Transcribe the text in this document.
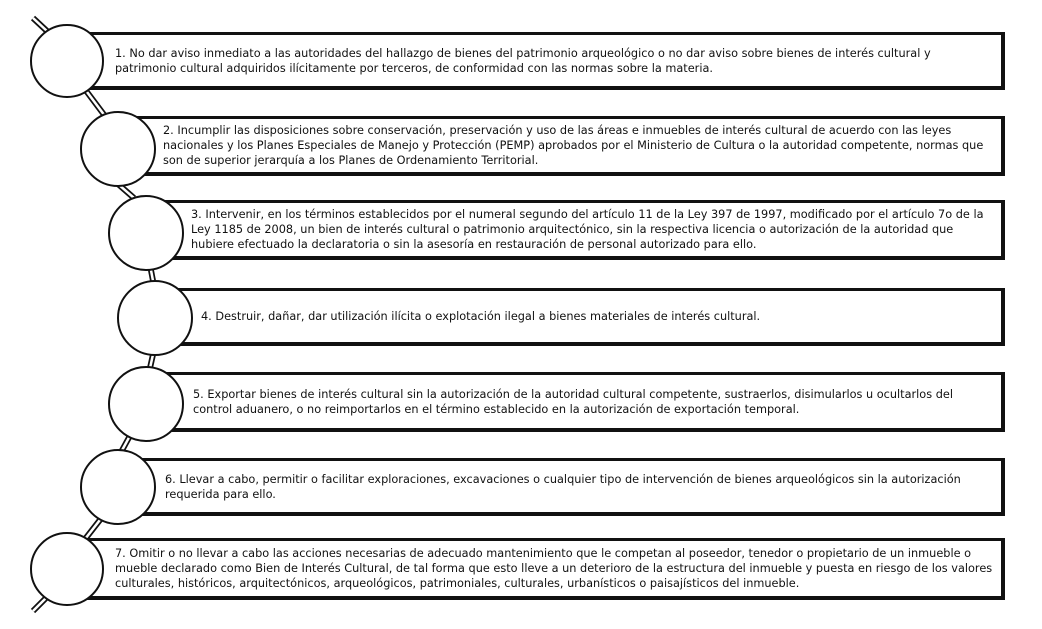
1. No dar aviso inmediato a las autoridades del hallazgo de bienes del patrimonio arqueológico o no dar aviso sobre bienes de interés cultural y patrimonio cultural adquiridos ilícitamente por terceros, de conformidad con las normas sobre la materia.
2. Incumplir las disposiciones sobre conservación, preservación y uso de las áreas e inmuebles de interés cultural de acuerdo con las leyes nacionales y los Planes Especiales de Manejo y Protección (PEMP) aprobados por el Ministerio de Cultura o la autoridad competente, normas que son de superior jerarquía a los Planes de Ordenamiento Territorial.
3. Intervenir, en los términos establecidos por el numeral segundo del artículo 11 de la Ley 397 de 1997, modificado por el artículo 7o de la Ley 1185 de 2008, un bien de interés cultural o patrimonio arquitectónico, sin la respectiva licencia o autorización de la autoridad que hubiere efectuado la declaratoria o sin la asesoría en restauración de personal autorizado para ello.
4. Destruir, dañar, dar utilización ilícita o explotación ilegal a bienes materiales de interés cultural.
5. Exportar bienes de interés cultural sin la autorización de la autoridad cultural competente, sustraerlos, disimularlos u ocultarlos del control aduanero, o no reimportarlos en el término establecido en la autorización de exportación temporal.
6. Llevar a cabo, permitir o facilitar exploraciones, excavaciones o cualquier tipo de intervención de bienes arqueológicos sin la autorización requerida para ello.
7. Omitir o no llevar a cabo las acciones necesarias de adecuado mantenimiento que le competan al poseedor, tenedor o propietario de un inmueble o mueble declarado como Bien de Interés Cultural, de tal forma que esto lleve a un deterioro de la estructura del inmueble y puesta en riesgo de los valores culturales, históricos, arquitectónicos, arqueológicos, patrimoniales, culturales, urbanísticos o paisajísticos del inmueble.
